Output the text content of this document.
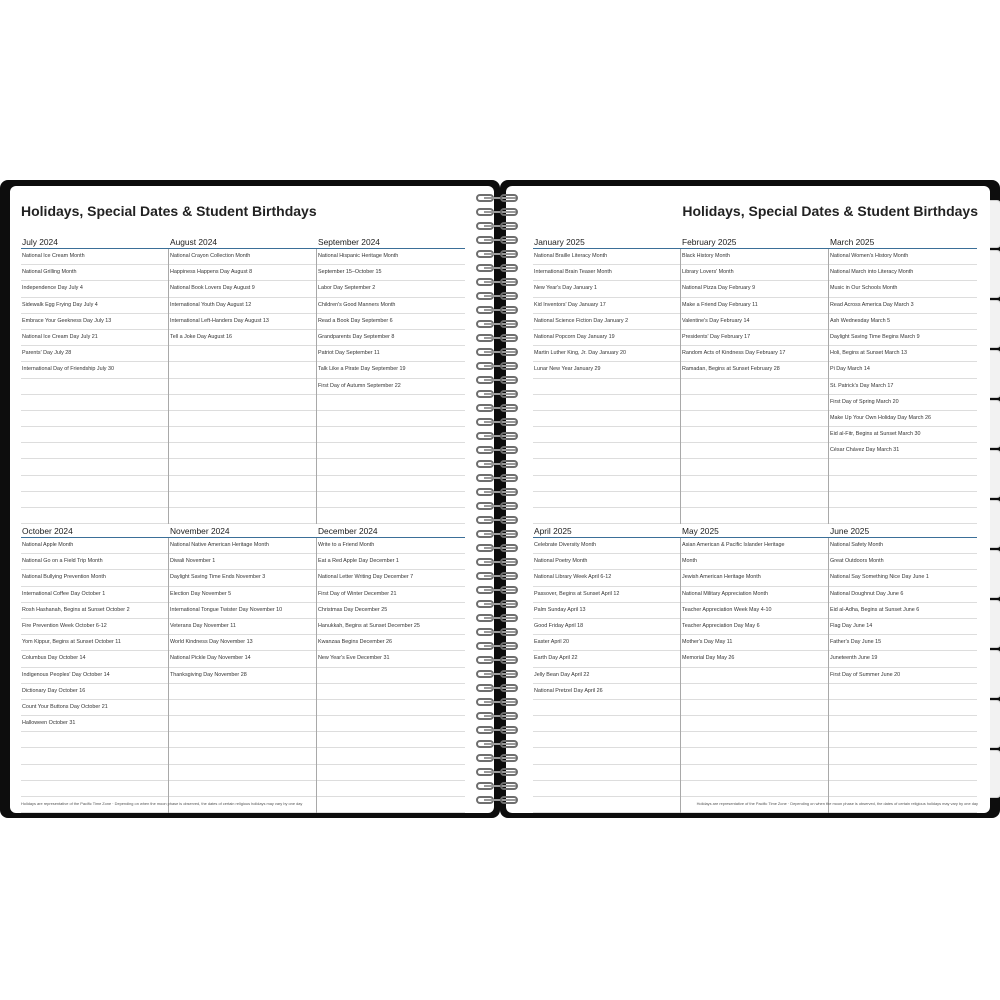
Holidays, Special Dates & Student Birthdays
July 2024
National Ice Cream Month
National Grilling Month
Independence Day July 4
Sidewalk Egg Frying Day July 4
Embrace Your Geekness Day July 13
National Ice Cream Day July 21
Parents' Day July 28
International Day of Friendship July 30
August 2024
National Crayon Collection Month
Happiness Happens Day August 8
National Book Lovers Day August 9
International Youth Day August 12
International Left-Handers Day August 13
Tell a Joke Day August 16
September 2024
National Hispanic Heritage Month
September 15–October 15
Labor Day September 2
Children's Good Manners Month
Read a Book Day September 6
Grandparents Day September 8
Patriot Day September 11
Talk Like a Pirate Day September 19
First Day of Autumn September 22
October 2024
National Apple Month
National Go on a Field Trip Month
National Bullying Prevention Month
International Coffee Day October 1
Rosh Hashanah, Begins at Sunset October 2
Fire Prevention Week October 6-12
Yom Kippur, Begins at Sunset October 11
Columbus Day October 14
Indigenous Peoples' Day October 14
Dictionary Day October 16
Count Your Buttons Day October 21
Halloween October 31
November 2024
National Native American Heritage Month
Diwali November 1
Daylight Saving Time Ends November 3
Election Day November 5
International Tongue Twister Day November 10
Veterans Day November 11
World Kindness Day November 13
National Pickle Day November 14
Thanksgiving Day November 28
December 2024
Write to a Friend Month
Eat a Red Apple Day December 1
National Letter Writing Day December 7
First Day of Winter December 21
Christmas Day December 25
Hanukkah, Begins at Sunset December 25
Kwanzaa Begins December 26
New Year's Eve December 31
Holidays are representative of the Pacific Time Zone · Depending on when the moon phase is observed, the dates of certain religious holidays may vary by one day
Holidays, Special Dates & Student Birthdays
January 2025
National Braille Literacy Month
International Brain Teaser Month
New Year's Day January 1
Kid Inventors' Day January 17
National Science Fiction Day January 2
National Popcorn Day January 19
Martin Luther King, Jr. Day January 20
Lunar New Year January 29
February 2025
Black History Month
Library Lovers' Month
National Pizza Day February 9
Make a Friend Day February 11
Valentine's Day February 14
Presidents' Day February 17
Random Acts of Kindness Day February 17
Ramadan, Begins at Sunset February 28
March 2025
National Women's History Month
National March into Literacy Month
Music in Our Schools Month
Read Across America Day March 3
Ash Wednesday March 5
Daylight Saving Time Begins March 9
Holi, Begins at Sunset March 13
Pi Day March 14
St. Patrick's Day March 17
First Day of Spring March 20
Make Up Your Own Holiday Day March 26
Eid al-Fitr, Begins at Sunset March 30
César Chávez Day March 31
April 2025
Celebrate Diversity Month
National Poetry Month
National Library Week April 6-12
Passover, Begins at Sunset April 12
Palm Sunday April 13
Good Friday April 18
Easter April 20
Earth Day April 22
Jelly Bean Day April 22
National Pretzel Day April 26
May 2025
Asian American & Pacific Islander Heritage
Month
Jewish American Heritage Month
National Military Appreciation Month
Teacher Appreciation Week May 4-10
Teacher Appreciation Day May 6
Mother's Day May 11
Memorial Day May 26
June 2025
National Safety Month
Great Outdoors Month
National Say Something Nice Day June 1
National Doughnut Day June 6
Eid al-Adha, Begins at Sunset June 6
Flag Day June 14
Father's Day June 15
Juneteenth June 19
First Day of Summer June 20
Holidays are representative of the Pacific Time Zone · Depending on when the moon phase is observed, the dates of certain religious holidays may vary by one day
